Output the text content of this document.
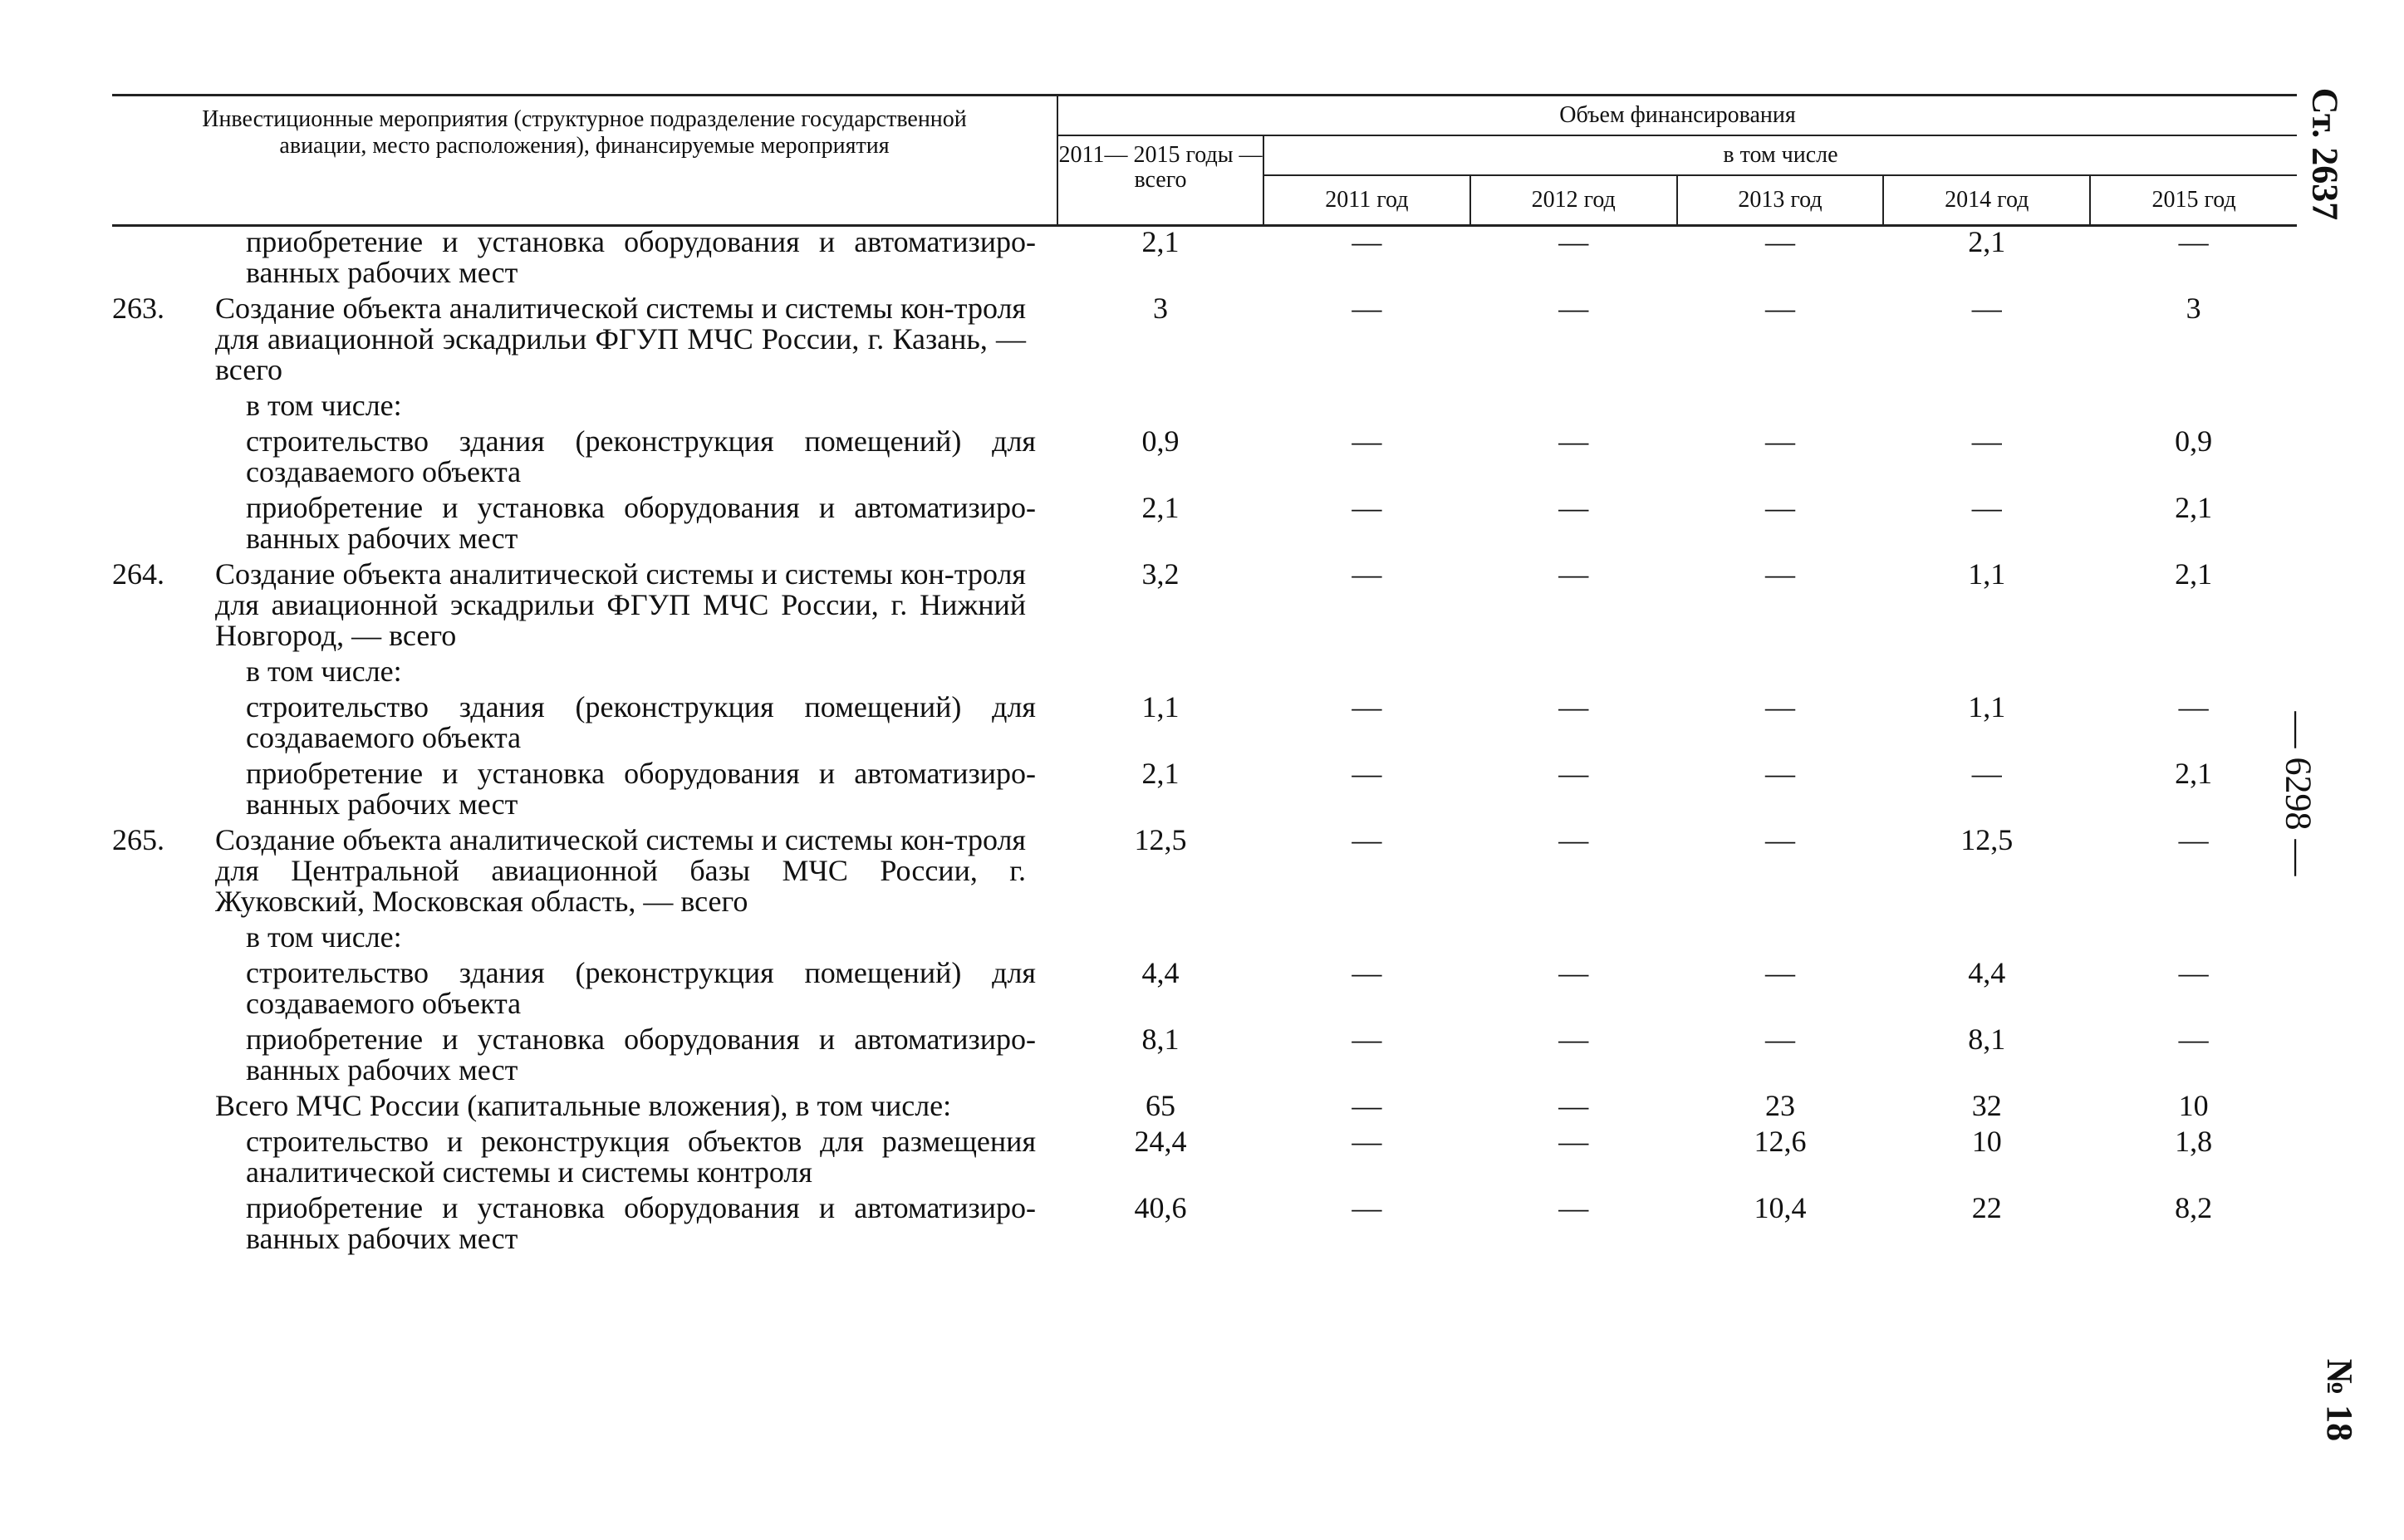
Инвестиционные мероприятия (структурное подразделение государственной авиации, место расположения), финансируемые мероприятия	Объем финансирования					
	2011— 2015 годы — всего	в том числе				
		2011 год	2012 год	2013 год	2014 год	2015 год
приобретение и установка оборудования и автоматизиро-ванных рабочих мест	2,1	—	—	—	2,1	—
263. Создание объекта аналитической системы и системы кон-троля для авиационной эскадрильи ФГУП МЧС России, г. Казань, — всего	3	—	—	—	—	3
в том числе:						
строительство здания (реконструкция помещений) для создаваемого объекта	0,9	—	—	—	—	0,9
приобретение и установка оборудования и автоматизиро-ванных рабочих мест	2,1	—	—	—	—	2,1
264. Создание объекта аналитической системы и системы кон-троля для авиационной эскадрильи ФГУП МЧС России, г. Нижний Новгород, — всего	3,2	—	—	—	1,1	2,1
в том числе:						
строительство здания (реконструкция помещений) для создаваемого объекта	1,1	—	—	—	1,1	—
приобретение и установка оборудования и автоматизиро-ванных рабочих мест	2,1	—	—	—	—	2,1
265. Создание объекта аналитической системы и системы кон-троля для Центральной авиационной базы МЧС России, г. Жуковский, Московская область, — всего	12,5	—	—	—	12,5	—
в том числе:						
строительство здания (реконструкция помещений) для создаваемого объекта	4,4	—	—	—	4,4	—
приобретение и установка оборудования и автоматизиро-ванных рабочих мест	8,1	—	—	—	8,1	—
Всего МЧС России (капитальные вложения), в том числе:	65	—	—	23	32	10
строительство и реконструкция объектов для размещения аналитической системы и системы контроля	24,4	—	—	12,6	10	1,8
приобретение и установка оборудования и автоматизиро-ванных рабочих мест	40,6	—	—	10,4	22	8,2
Ст. 2637
— 6298 —
№ 18
